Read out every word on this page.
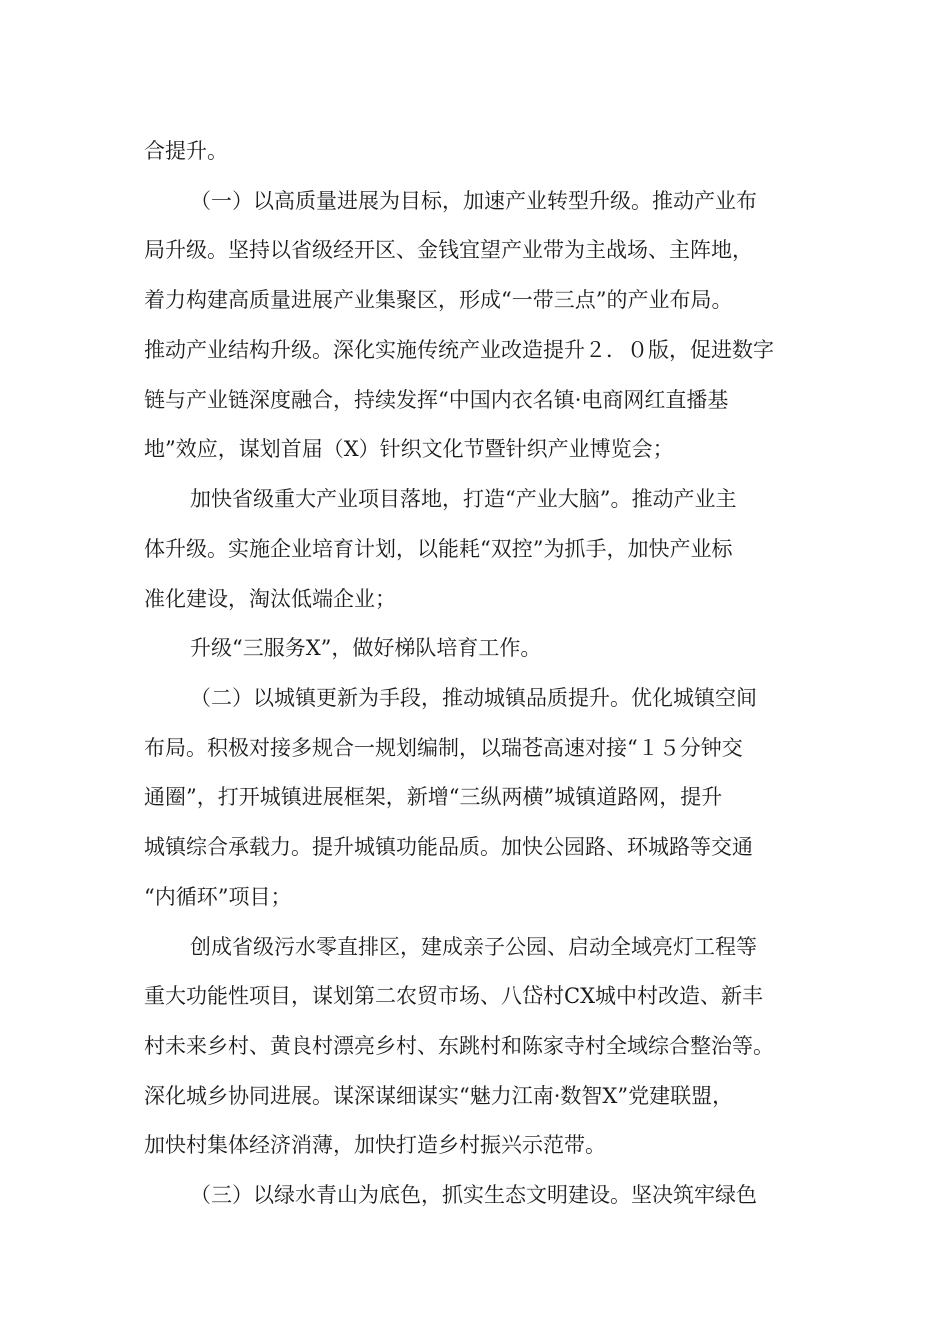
合提升。
（一）以高质量进展为目标，加速产业转型升级。推动产业布
局升级。坚持以省级经开区、金钱宜望产业带为主战场、主阵地，
着力构建高质量进展产业集聚区，形成“一带三点”的产业布局。
推动产业结构升级。深化实施传统产业改造提升２．０版，促进数字
链与产业链深度融合，持续发挥“中国内衣名镇·电商网红直播基
地”效应，谋划首届（X）针织文化节暨针织产业博览会；
加快省级重大产业项目落地，打造“产业大脑”。推动产业主
体升级。实施企业培育计划，以能耗“双控”为抓手，加快产业标
准化建设，淘汰低端企业；
升级“三服务X”，做好梯队培育工作。
（二）以城镇更新为手段，推动城镇品质提升。优化城镇空间
布局。积极对接多规合一规划编制，以瑞苍高速对接“１５分钟交
通圈”，打开城镇进展框架，新增“三纵两横”城镇道路网，提升
城镇综合承载力。提升城镇功能品质。加快公园路、环城路等交通
“内循环”项目；
创成省级污水零直排区，建成亲子公园、启动全域亮灯工程等
重大功能性项目，谋划第二农贸市场、八岱村CX城中村改造、新丰
村未来乡村、黄良村漂亮乡村、东跳村和陈家寺村全域综合整治等。
深化城乡协同进展。谋深谋细谋实“魅力江南·数智X”党建联盟，
加快村集体经济消薄，加快打造乡村振兴示范带。
（三）以绿水青山为底色，抓实生态文明建设。坚决筑牢绿色
